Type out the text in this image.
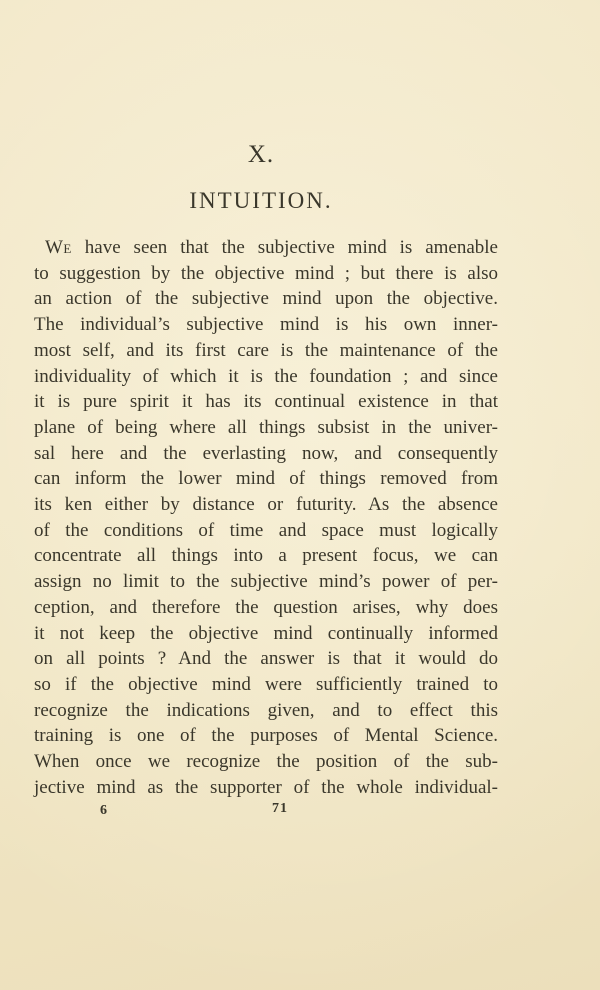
X.
INTUITION.
We have seen that the subjective mind is amenable
to suggestion by the objective mind ; but there is also
an action of the subjective mind upon the objective.
The individual’s subjective mind is his own inner-
most self, and its first care is the maintenance of the
individuality of which it is the foundation ; and since
it is pure spirit it has its continual existence in that
plane of being where all things subsist in the univer-
sal here and the everlasting now, and consequently
can inform the lower mind of things removed from
its ken either by distance or futurity. As the absence
of the conditions of time and space must logically
concentrate all things into a present focus, we can
assign no limit to the subjective mind’s power of per-
ception, and therefore the question arises, why does
it not keep the objective mind continually informed
on all points ? And the answer is that it would do
so if the objective mind were sufficiently trained to
recognize the indications given, and to effect this
training is one of the purposes of Mental Science.
When once we recognize the position of the sub-
jective mind as the supporter of the whole individual-
6	71
